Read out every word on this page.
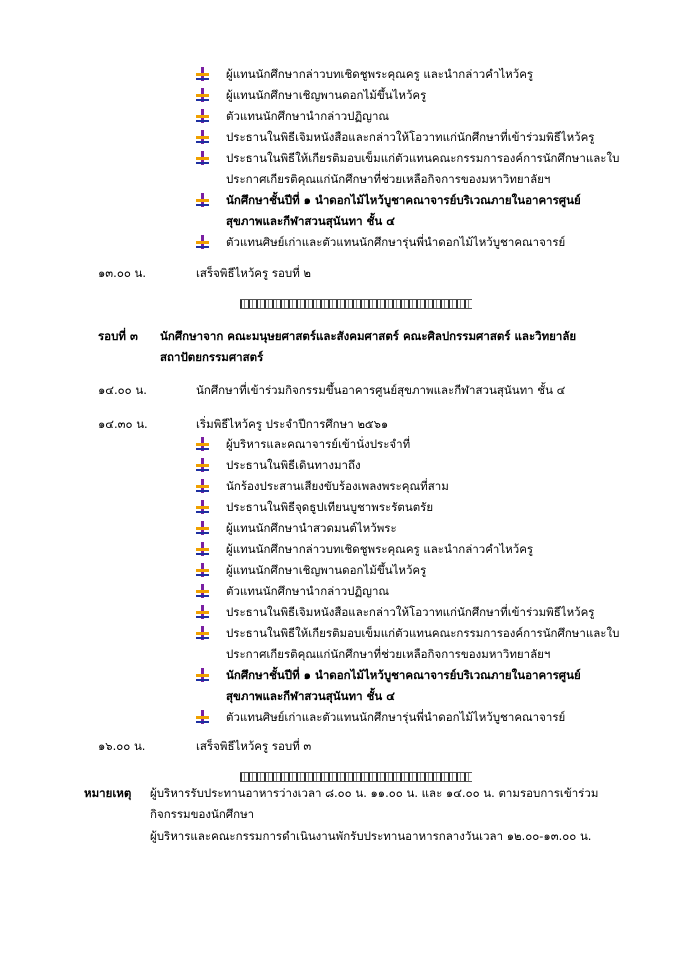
ผู้แทนนักศึกษากล่าวบทเชิดชูพระคุณครู และนำกล่าวคำไหว้ครู
ผู้แทนนักศึกษาเชิญพานดอกไม้ขึ้นไหว้ครู
ตัวแทนนักศึกษานำกล่าวปฏิญาณ
ประธานในพิธีเจิมหนังสือและกล่าวให้โอวาทแก่นักศึกษาที่เข้าร่วมพิธีไหว้ครู
ประธานในพิธีให้เกียรติมอบเข็มแก่ตัวแทนคณะกรรมการองค์การนักศึกษาและใบ
ประกาศเกียรติคุณแก่นักศึกษาที่ช่วยเหลือกิจการของมหาวิทยาลัยฯ
นักศึกษาชั้นปีที่ ๑ นำดอกไม้ไหว้บูชาคณาจารย์บริเวณภายในอาคารศูนย์
สุขภาพและกีฬาสวนสุนันทา ชั้น ๔
ตัวแทนศิษย์เก่าและตัวแทนนักศึกษารุ่นพี่นำดอกไม้ไหว้บูชาคณาจารย์
๑๓.๐๐ น.	เสร็จพิธีไหว้ครู รอบที่ ๒
รอบที่ ๓ นักศึกษาจาก คณะมนุษยศาสตร์และสังคมศาสตร์ คณะศิลปกรรมศาสตร์ และวิทยาลัย
สถาปัตยกรรมศาสตร์
๑๔.๐๐ น.	นักศึกษาที่เข้าร่วมกิจกรรมขึ้นอาคารศูนย์สุขภาพและกีฬาสวนสุนันทา ชั้น ๔
๑๔.๓๐ น.	เริ่มพิธีไหว้ครู ประจำปีการศึกษา ๒๕๖๑
ผู้บริหารและคณาจารย์เข้านั่งประจำที่
ประธานในพิธีเดินทางมาถึง
นักร้องประสานเสียงขับร้องเพลงพระคุณที่สาม
ประธานในพิธีจุดธูปเทียนบูชาพระรัตนตรัย
ผู้แทนนักศึกษานำสวดมนต์ไหว้พระ
ผู้แทนนักศึกษากล่าวบทเชิดชูพระคุณครู และนำกล่าวคำไหว้ครู
ผู้แทนนักศึกษาเชิญพานดอกไม้ขึ้นไหว้ครู
ตัวแทนนักศึกษานำกล่าวปฏิญาณ
ประธานในพิธีเจิมหนังสือและกล่าวให้โอวาทแก่นักศึกษาที่เข้าร่วมพิธีไหว้ครู
ประธานในพิธีให้เกียรติมอบเข็มแก่ตัวแทนคณะกรรมการองค์การนักศึกษาและใบ
ประกาศเกียรติคุณแก่นักศึกษาที่ช่วยเหลือกิจการของมหาวิทยาลัยฯ
นักศึกษาชั้นปีที่ ๑ นำดอกไม้ไหว้บูชาคณาจารย์บริเวณภายในอาคารศูนย์
สุขภาพและกีฬาสวนสุนันทา ชั้น ๔
ตัวแทนศิษย์เก่าและตัวแทนนักศึกษารุ่นพี่นำดอกไม้ไหว้บูชาคณาจารย์
๑๖.๐๐ น.	เสร็จพิธีไหว้ครู รอบที่ ๓
หมายเหตุ ผู้บริหารรับประทานอาหารว่างเวลา ๘.๐๐ น. ๑๑.๐๐ น. และ ๑๔.๐๐ น. ตามรอบการเข้าร่วม
กิจกรรมของนักศึกษา
ผู้บริหารและคณะกรรมการดำเนินงานพักรับประทานอาหารกลางวันเวลา ๑๒.๐๐-๑๓.๐๐ น.
